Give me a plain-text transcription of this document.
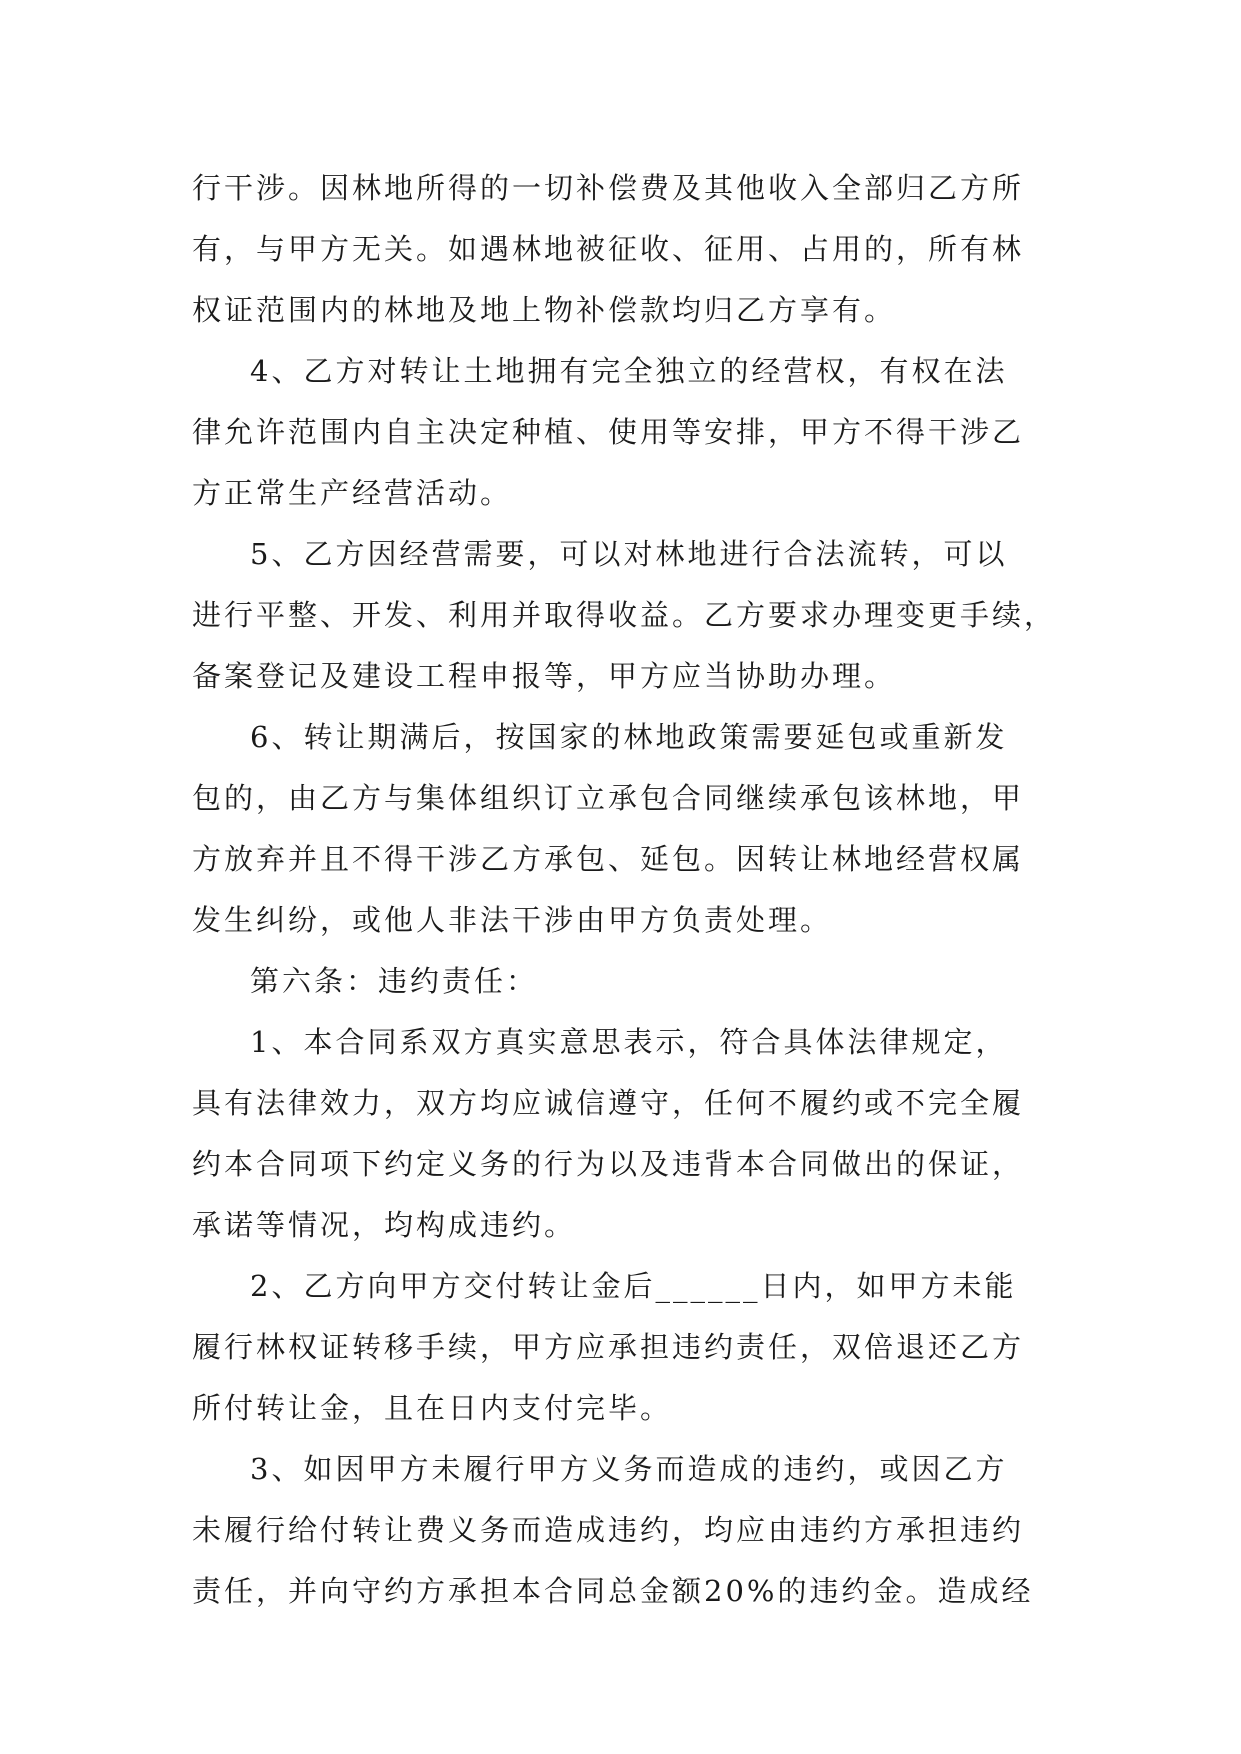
行干涉。因林地所得的一切补偿费及其他收入全部归乙方所
有，与甲方无关。如遇林地被征收、征用、占用的，所有林
权证范围内的林地及地上物补偿款均归乙方享有。
4、乙方对转让土地拥有完全独立的经营权，有权在法
律允许范围内自主决定种植、使用等安排，甲方不得干涉乙
方正常生产经营活动。
5、乙方因经营需要，可以对林地进行合法流转，可以
进行平整、开发、利用并取得收益。乙方要求办理变更手续，
备案登记及建设工程申报等，甲方应当协助办理。
6、转让期满后，按国家的林地政策需要延包或重新发
包的，由乙方与集体组织订立承包合同继续承包该林地，甲
方放弃并且不得干涉乙方承包、延包。因转让林地经营权属
发生纠纷，或他人非法干涉由甲方负责处理。
第六条：违约责任：
1、本合同系双方真实意思表示，符合具体法律规定，
具有法律效力，双方均应诚信遵守，任何不履约或不完全履
约本合同项下约定义务的行为以及违背本合同做出的保证，
承诺等情况，均构成违约。
2、乙方向甲方交付转让金后______日内，如甲方未能
履行林权证转移手续，甲方应承担违约责任，双倍退还乙方
所付转让金，且在日内支付完毕。
3、如因甲方未履行甲方义务而造成的违约，或因乙方
未履行给付转让费义务而造成违约，均应由违约方承担违约
责任，并向守约方承担本合同总金额20%的违约金。造成经
